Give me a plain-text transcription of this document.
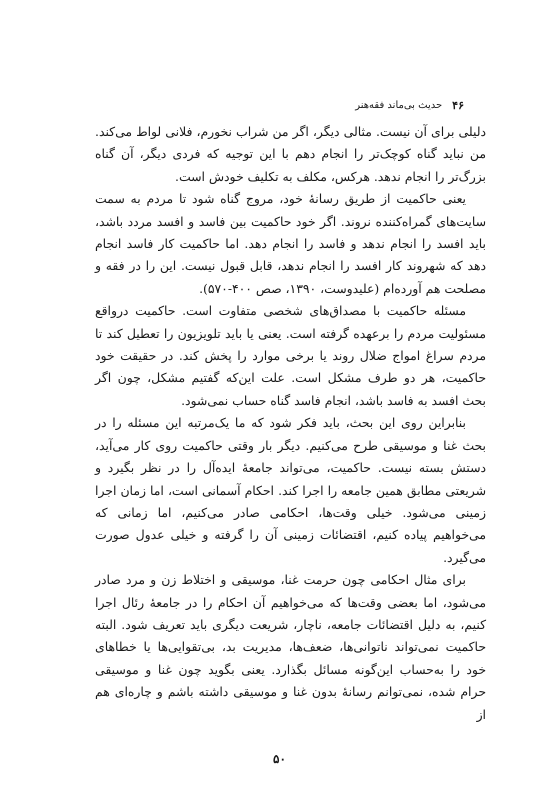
۴۶
حدیث بی‌ماند فقه‌هنر

دلیلی برای آن نیست. مثالی دیگر، اگر من شراب نخورم، فلانی لواط می‌کند. من نباید گناه کوچک‌تر را انجام دهم با این توجیه که فردی دیگر، آن گناه بزرگ‌تر را انجام ندهد. هرکس، مکلف به تکلیف خودش است.

یعنی حاکمیت از طریق رسانهٔ خود، مروج گناه شود تا مردم به سمت سایت‌های گمراه‌کننده نروند. اگر خود حاکمیت بین فاسد و افسد مردد باشد، باید افسد را انجام ندهد و فاسد را انجام دهد. اما حاکمیت کار فاسد انجام دهد که شهروند کار افسد را انجام ندهد، قابل قبول نیست. این را در فقه و مصلحت هم آورده‌ام (علیدوست، ۱۳۹۰، صص ۴۰۰-۵۷۰).

مسئله حاکمیت با مصداق‌های شخصی متفاوت است. حاکمیت درواقع مسئولیت مردم را برعهده گرفته است. یعنی یا باید تلویزیون را تعطیل کند تا مردم سراغ امواج ضلال روند یا برخی موارد را پخش کند. در حقیقت خود حاکمیت، هر دو طرف مشکل است. علت این‌که گفتیم مشکل، چون اگر بحث افسد به فاسد باشد، انجام فاسد گناه حساب نمی‌شود.

بنابراین روی این بحث، باید فکر شود که ما یک‌مرتبه این مسئله را در بحث غنا و موسیقی طرح می‌کنیم. دیگر بار وقتی حاکمیت روی کار می‌آید، دستش بسته نیست. حاکمیت، می‌تواند جامعهٔ ایده‌آل را در نظر بگیرد و شریعتی مطابق همین جامعه را اجرا کند. احکام آسمانی است، اما زمان اجرا زمینی می‌شود. خیلی وقت‌ها، احکامی صادر می‌کنیم، اما زمانی که می‌خواهیم پیاده کنیم، اقتضائات زمینی آن را گرفته و خیلی عدول صورت می‌گیرد.

برای مثال احکامی چون حرمت غنا، موسیقی و اختلاط زن و مرد صادر می‌شود، اما بعضی وقت‌ها که می‌خواهیم آن احکام را در جامعهٔ رئال اجرا کنیم، به دلیل اقتضائات جامعه، ناچار، شریعت دیگری باید تعریف شود. البته حاکمیت نمی‌تواند ناتوانی‌ها، ضعف‌ها، مدیریت بد، بی‌تقوایی‌ها یا خطاهای خود را به‌حساب این‌گونه مسائل بگذارد. یعنی بگوید چون غنا و موسیقی حرام شده، نمی‌توانم رسانهٔ بدون غنا و موسیقی داشته باشم و چاره‌ای هم از

۵۰
